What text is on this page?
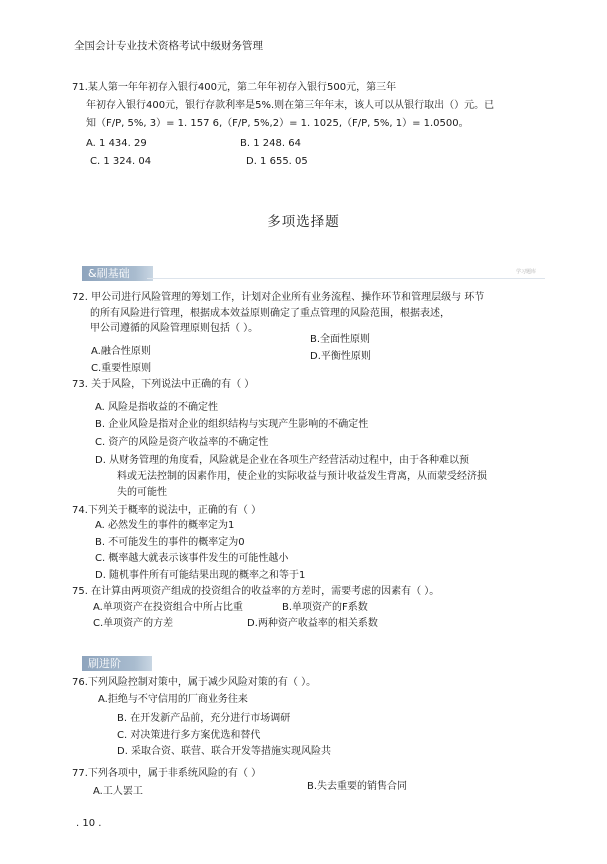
全国会计专业技术资格考试中级财务管理
71.某人第一年年初存入银行400元，第二年年初存入银行500元，第三年
年初存入银行400元，银行存款利率是5%.则在第三年年末，该人可以从银行取出（）元。已
知（F/P, 5%, 3）= 1. 157 6,（F/P, 5%,2）= 1. 1025,（F/P, 5%, 1）= 1.0500。
A. 1 434. 29	B. 1 248. 64
C. 1 324. 04	D. 1 655. 05
多项选择题
&刷基础	学习题库
72. 甲公司进行风险管理的筹划工作，计划对企业所有业务流程、操作环节和管理层级与 环节
的所有风险进行管理，根据成本效益原则确定了重点管理的风险范围，根据表述，
甲公司遵循的风险管理原则包括（ ）。
B.全面性原则
A.融合性原则	D.平衡性原则
C.重要性原则
73. 关于风险，下列说法中正确的有（ ）
A. 风险是指收益的不确定性
B. 企业风险是指对企业的组织结构与实现产生影响的不确定性
C. 资产的风险是资产收益率的不确定性
D. 从财务管理的角度看，风险就是企业在各项生产经营活动过程中，由于各种难以预
料或无法控制的因素作用，使企业的实际收益与预计收益发生背离，从而蒙受经济损
失的可能性
74.下列关于概率的说法中，正确的有（ ）
A. 必然发生的事件的概率定为1
B. 不可能发生的事件的概率定为0
C. 概率越大就表示该事件发生的可能性越小
D. 随机事件所有可能结果出现的概率之和等于1
75. 在计算由两项资产组成的投资组合的收益率的方差时，需要考虑的因素有（ ）。
A.单项资产在投资组合中所占比重	B.单项资产的F系数
C.单项资产的方差	D.两种资产收益率的相关系数
刷进阶
76.下列风险控制对策中，属于减少风险对策的有（ ）。
A.拒绝与不守信用的厂商业务往来
B. 在开发新产品前，充分进行市场调研
C. 对决策进行多方案优选和替代
D. 采取合资、联营、联合开发等措施实现风险共
77.下列各项中，属于非系统风险的有（ ）
B.失去重要的销售合同
A.工人罢工
. 10 .
